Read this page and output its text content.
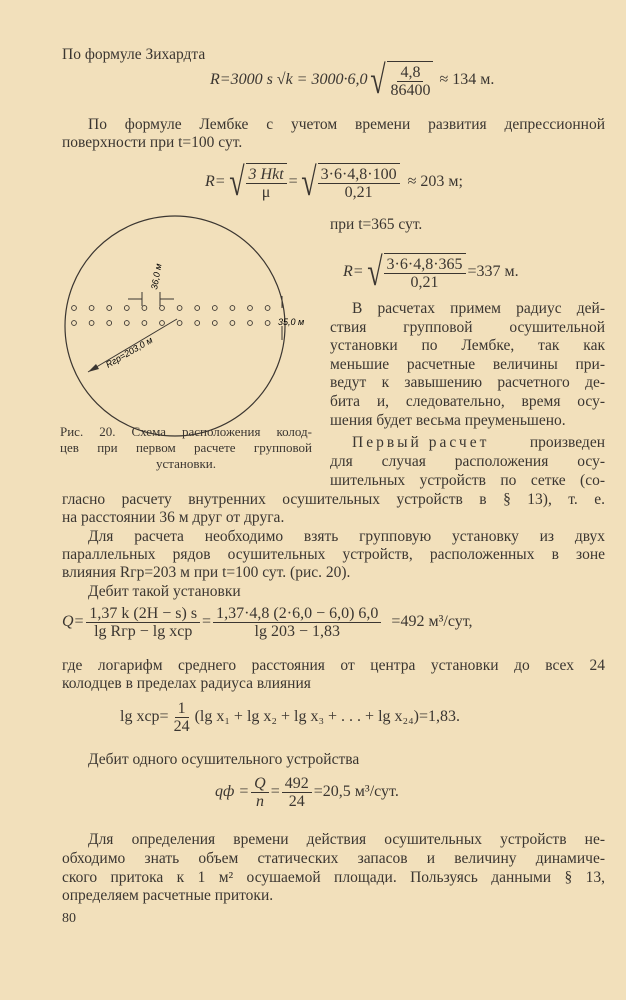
По формуле Зихардта
R=3000 s √k = 3000·6,0 √ $\frac{4,8}{86400} \approx 134$ м.
По формуле Лембке с учетом времени развития депрессионной
поверхности при t=100 сут.
R= √ 3 Hkt
μ
= √ $\frac{3\cdot 6\cdot 4,8\cdot 100}{0,21} \approx 203$ м;
при t=365 сут.
R= √ $\frac{3\cdot 6\cdot 4,8\cdot 365}{0,21} =337$ м.
36,0 м
35,0 м
Rгр=203,0 м
Рис. 20. Схема расположения колод-
цев при первом расчете групповой
установки.
В расчетах примем радиус дей-
ствия групповой осушительной
установки по Лембке, так как
меньшие расчетные величины при-
ведут к завышению расчетного де-
бита и, следовательно, время осу-
шения будет весьма преуменьшено.
Первый расчет	произведен
для случая расположения осу-
шительных устройств по сетке (со-
гласно расчету внутренних осушительных устройств в § 13), т. е.
на расстоянии 36 м друг от друга.
Для расчета необходимо взять групповую установку из двух
параллельных рядов осушительных устройств, расположенных в зоне
влияния Rгр=203 м при t=100 сут. (рис. 20).
Дебит такой установки
Q= 1,37 k (2H − s) s
lg Rгр − lg xср
= $\frac{1,37\cdot 4,8 (2\cdot 6,0 - 6,0) 6,0}{\lg 203 - 1,83} =492$ м³/сут,
где логарифм среднего расстояния от центра установки до всех 24
колодцев в пределах радиуса влияния
$\lg xср= \frac{1}{24} (\lg$ x₁ + lg x₂ + lg x₃ + . . . + lg x₂₄)=1,83.
Дебит одного осушительного устройства
qф = $\frac{Q}{n} = \frac{492}{24} =20,5$ м³/сут.
Для определения времени действия осушительных устройств не-
обходимо знать объем статических запасов и величину динамиче-
ского притока к 1 м² осушаемой площади. Пользуясь данными § 13,
определяем расчетные притоки.
80
